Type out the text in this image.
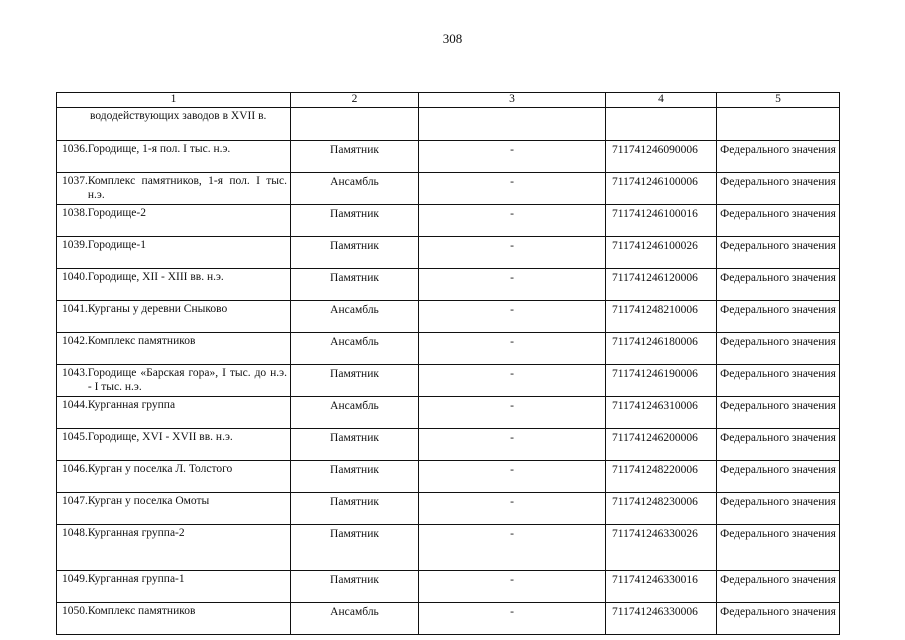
308
1	2	3	4	5

вододействующих заводов в XVII в.				

1036. Городище, 1-я пол. I тыс. н.э.	Памятник	-	711741246090006	Федерального значения

1037. Комплекс памятников, 1-я пол. I тыс. н.э.	Ансамбль	-	711741246100006	Федерального значения

1038. Городище-2	Памятник	-	711741246100016	Федерального значения

1039. Городище-1	Памятник	-	711741246100026	Федерального значения

1040. Городище, XII - XIII вв. н.э.	Памятник	-	711741246120006	Федерального значения

1041. Курганы у деревни Сныково	Ансамбль	-	711741248210006	Федерального значения

1042. Комплекс памятников	Ансамбль	-	711741246180006	Федерального значения

1043. Городище «Барская гора», I тыс. до н.э. - I тыс. н.э.	Памятник	-	711741246190006	Федерального значения

1044. Курганная группа	Ансамбль	-	711741246310006	Федерального значения

1045. Городище, XVI - XVII вв. н.э.	Памятник	-	711741246200006	Федерального значения

1046. Курган у поселка Л. Толстого	Памятник	-	711741248220006	Федерального значения

1047. Курган у поселка Омоты	Памятник	-	711741248230006	Федерального значения

1048. Курганная группа-2	Памятник	-	711741246330026	Федерального значения

1049. Курганная группа-1	Памятник	-	711741246330016	Федерального значения

1050. Комплекс памятников	Ансамбль	-	711741246330006	Федерального значения
